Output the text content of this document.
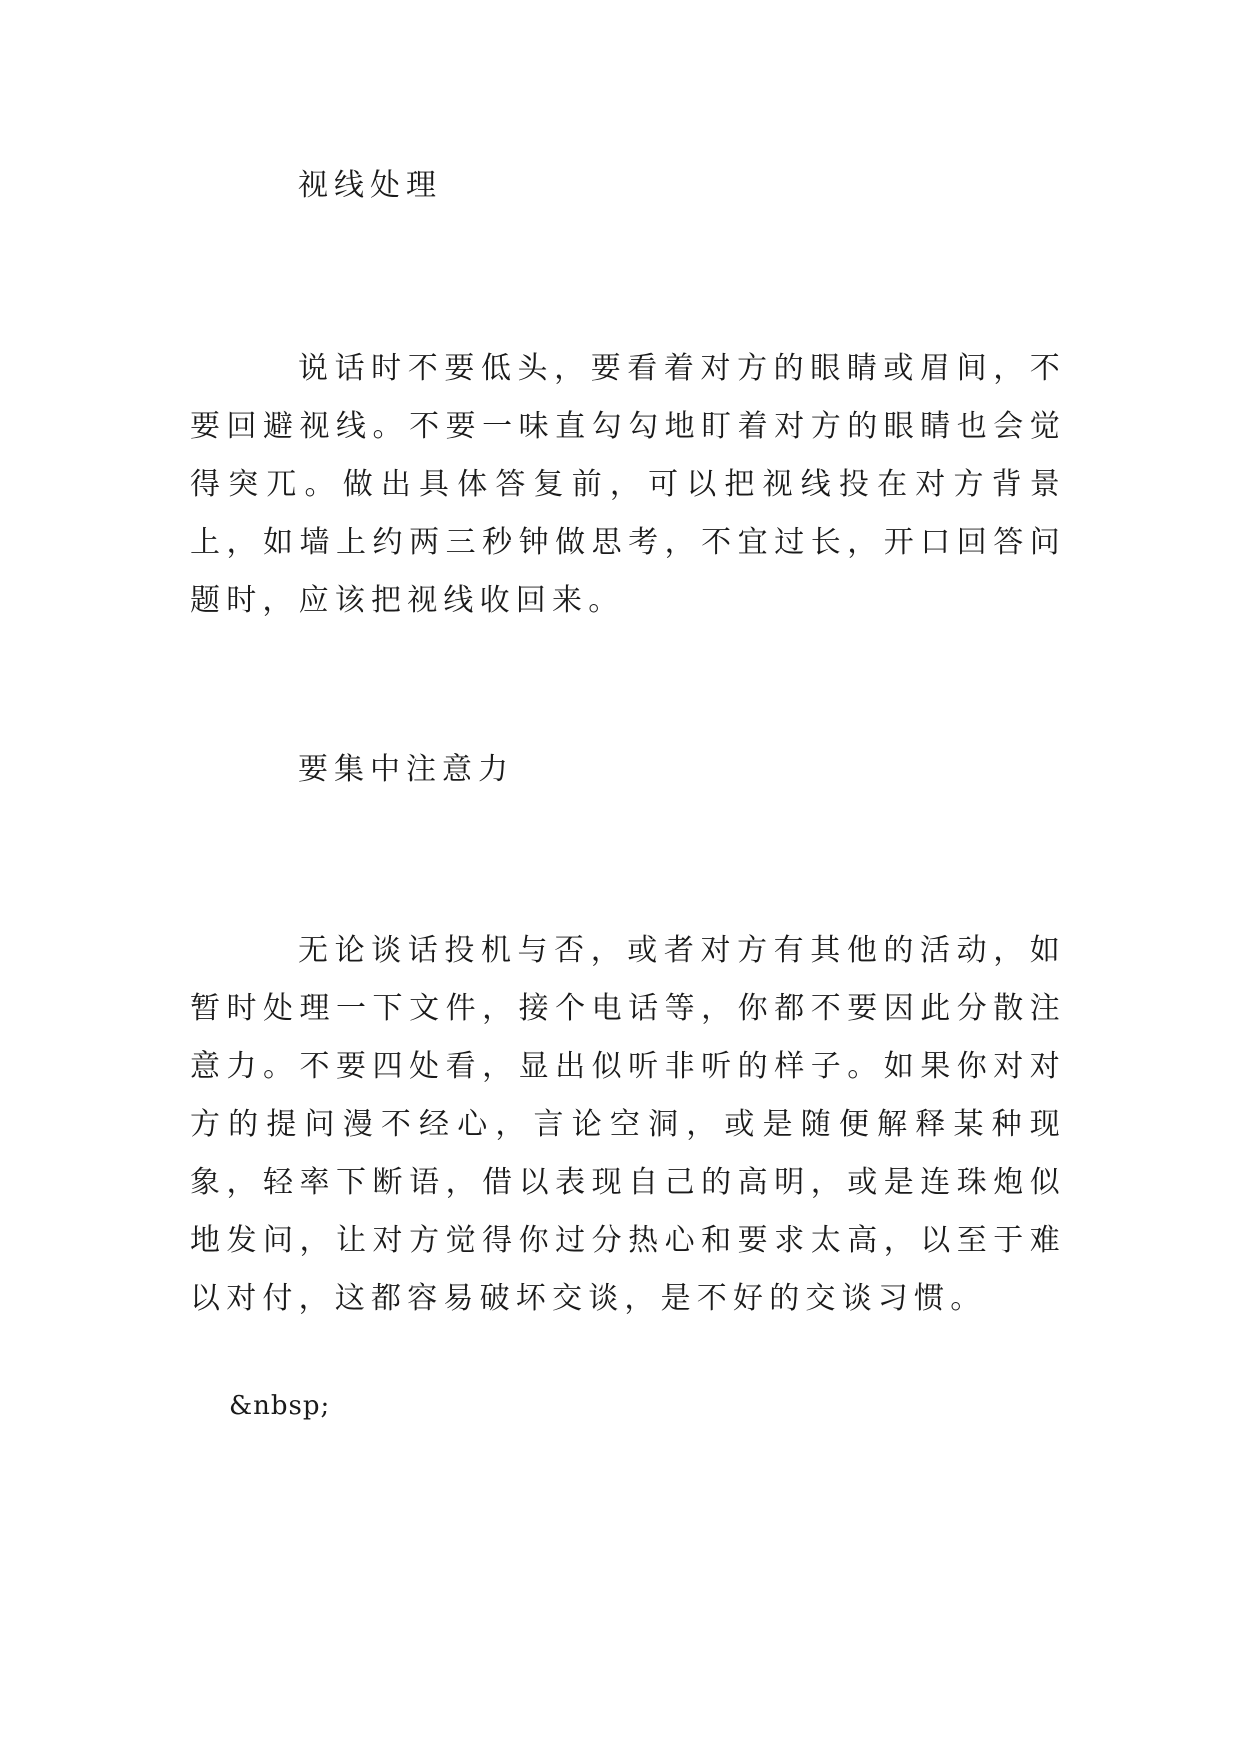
视线处理

说话时不要低头，要看着对方的眼睛或眉间，不要回避视线。不要一味直勾勾地盯着对方的眼睛也会觉得突兀。做出具体答复前，可以把视线投在对方背景上，如墙上约两三秒钟做思考，不宜过长，开口回答问题时，应该把视线收回来。

要集中注意力

无论谈话投机与否，或者对方有其他的活动，如暂时处理一下文件，接个电话等，你都不要因此分散注意力。不要四处看，显出似听非听的样子。如果你对对方的提问漫不经心，言论空洞，或是随便解释某种现象，轻率下断语，借以表现自己的高明，或是连珠炮似地发问，让对方觉得你过分热心和要求太高，以至于难以对付，这都容易破坏交谈，是不好的交谈习惯。

&nbsp;
